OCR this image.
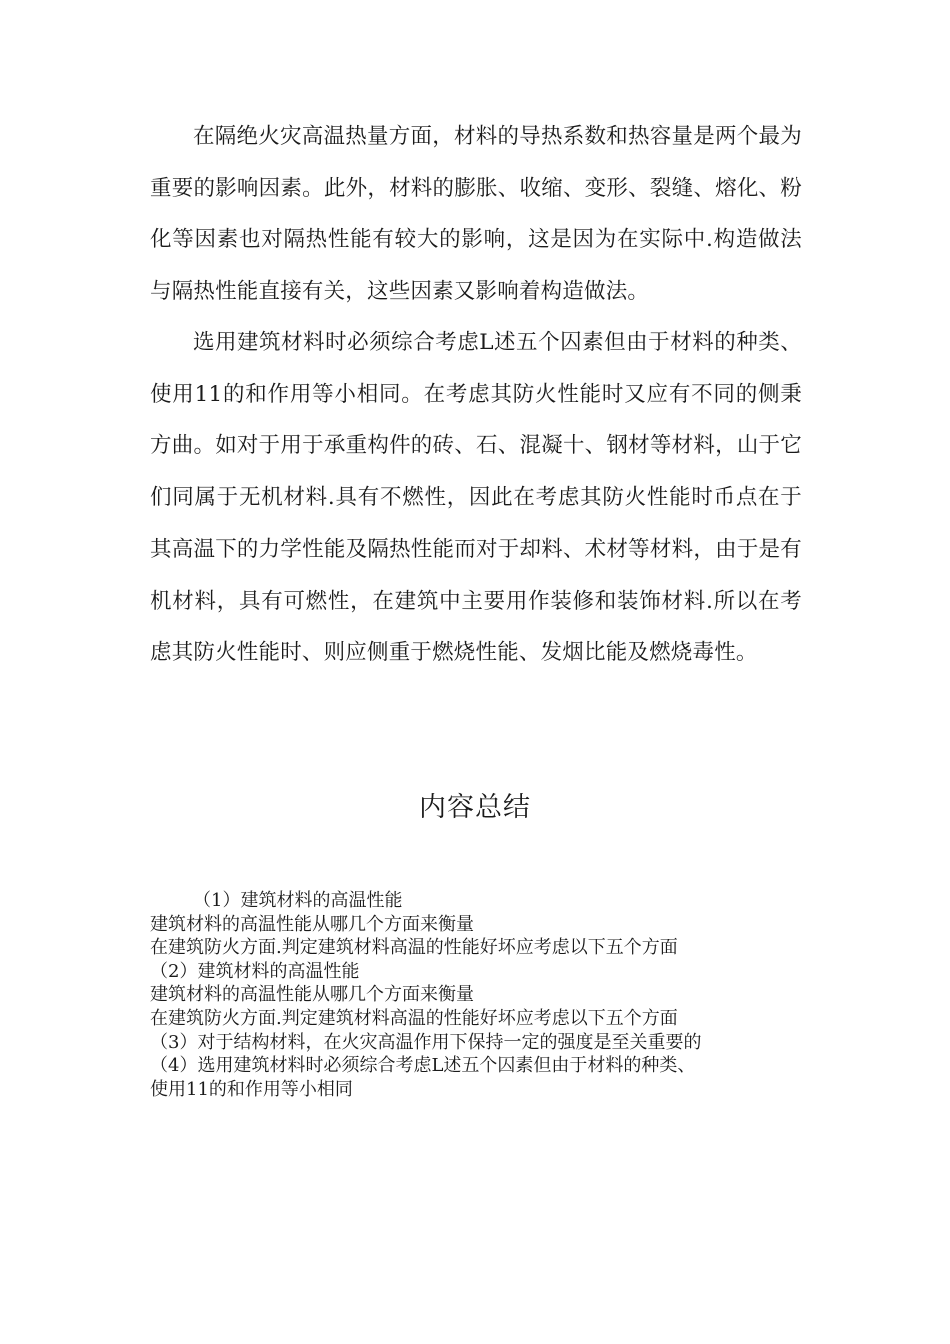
在隔绝火灾高温热量方面，材料的导热系数和热容量是两个最为重要的影响因素。此外，材料的膨胀、收缩、变形、裂缝、熔化、粉化等因素也对隔热性能有较大的影响，这是因为在实际中.构造做法与隔热性能直接有关，这些因素又影响着构造做法。

选用建筑材料时必须综合考虑L述五个囚素但由于材料的种类、使用11的和作用等小相同。在考虑其防火性能时又应有不同的侧秉方曲。如对于用于承重构件的砖、石、混凝十、钢材等材料，山于它们同属于无机材料.具有不燃性，因此在考虑其防火性能时币点在于其高温下的力学性能及隔热性能而对于却料、术材等材料，由于是有机材料，具有可燃性，在建筑中主要用作装修和装饰材料.所以在考虑其防火性能时、则应侧重于燃烧性能、发烟比能及燃烧毒性。

内容总结
（1）建筑材料的高温性能
建筑材料的高温性能从哪几个方面来衡量
在建筑防火方面.判定建筑材料高温的性能好坏应考虑以下五个方面
（2）建筑材料的高温性能
建筑材料的高温性能从哪几个方面来衡量
在建筑防火方面.判定建筑材料高温的性能好坏应考虑以下五个方面
（3）对于结构材料，在火灾高温作用下保持一定的强度是至关重要的
（4）选用建筑材料时必须综合考虑L述五个囚素但由于材料的种类、
使用11的和作用等小相同
